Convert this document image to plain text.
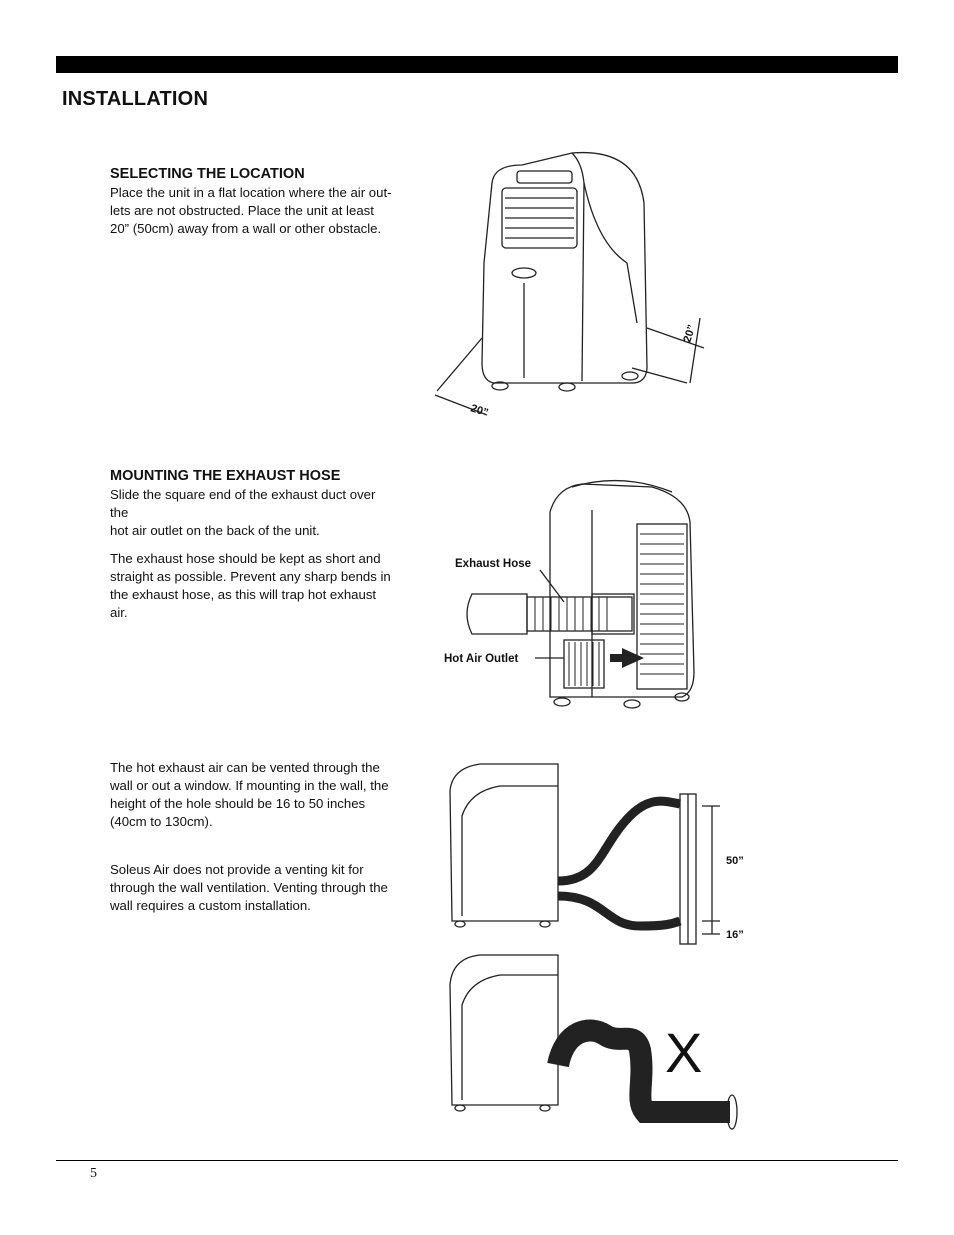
INSTALLATION
SELECTING THE LOCATION

Place the unit in a flat location where the air out-
lets are not obstructed. Place the unit at least
20” (50cm) away from a wall or other obstacle.

MOUNTING THE EXHAUST HOSE

Slide the square end of the exhaust duct over the
hot air outlet on the back of the unit.

The exhaust hose should be kept as short and
straight as possible. Prevent any sharp bends in
the exhaust hose, as this will trap hot exhaust air.

The hot exhaust air can be vented through the
wall or out a window. If mounting in the wall, the
height of the hole should be 16 to 50 inches
(40cm to 130cm).

Soleus Air does not provide a venting kit for
through the wall ventilation. Venting through the
wall requires a custom installation.

20”
20”
Exhaust Hose
Hot Air Outlet
50”
16”
X
5
